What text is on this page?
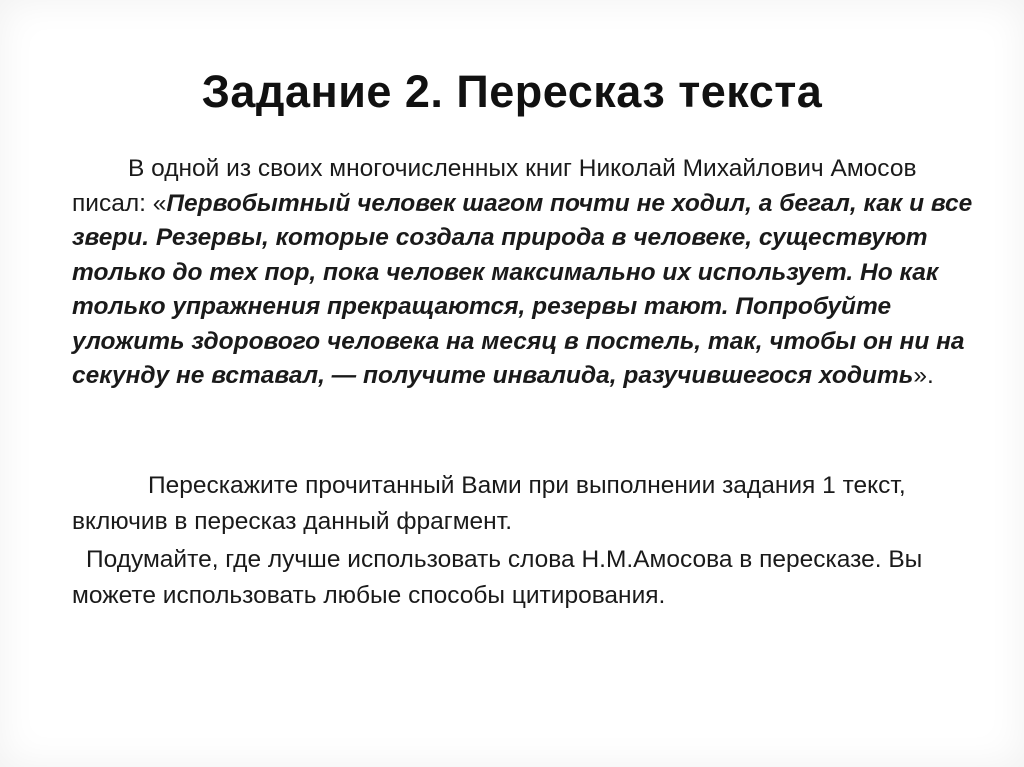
Задание 2. Пересказ текста
В одной из своих многочисленных книг Николай Михайлович Амосов писал: «Первобытный человек шагом почти не ходил, а бегал, как и все звери. Резервы, которые создала природа в человеке, существуют только до тех пор, пока человек максимально их использует. Но как только упражнения прекращаются, резервы тают. Попробуйте уложить здорового человека на месяц в постель, так, чтобы он ни на секунду не вставал, — получите инвалида, разучившегося ходить».
Перескажите прочитанный Вами при выполнении задания 1 текст, включив в пересказ данный фрагмент.
Подумайте, где лучше использовать слова Н.М.Амосова в пересказе. Вы можете использовать любые способы цитирования.
